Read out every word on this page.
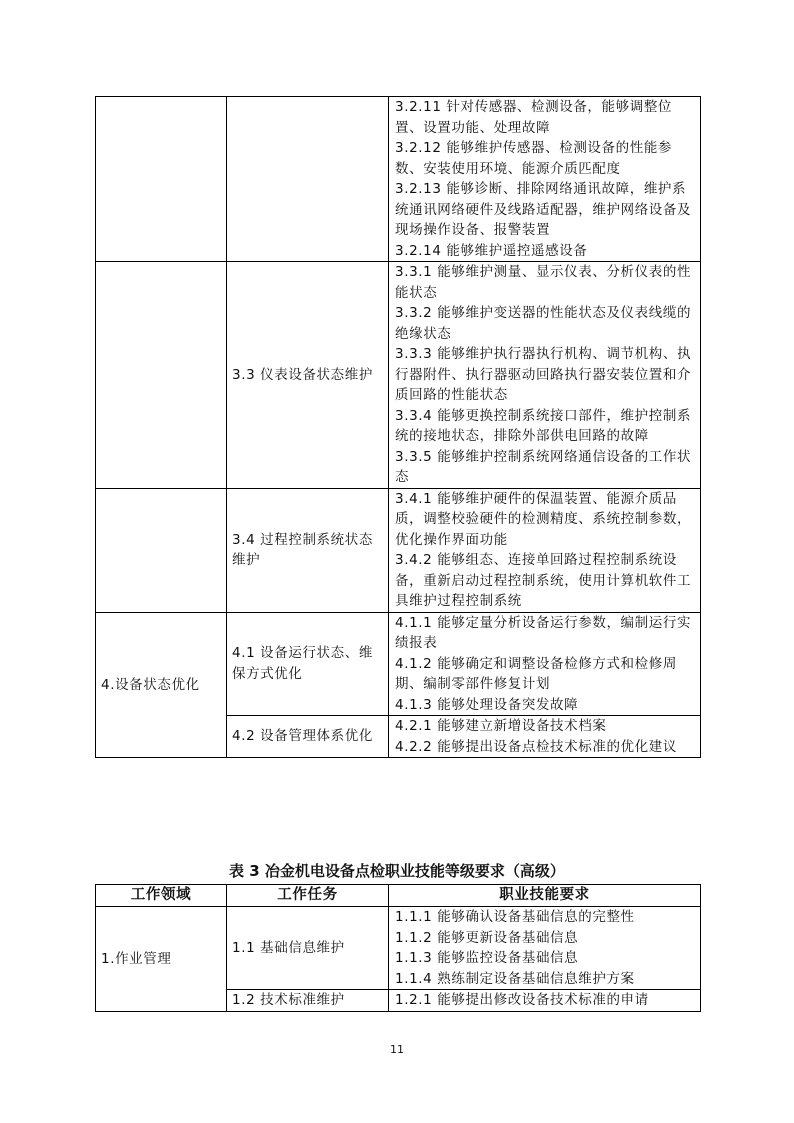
		3.2.11 针对传感器、检测设备，能够调整位置、设置功能、处理故障
3.2.12 能够维护传感器、检测设备的性能参数、安装使用环境、能源介质匹配度
3.2.13 能够诊断、排除网络通讯故障，维护系统通讯网络硬件及线路适配器，维护网络设备及现场操作设备、报警装置
3.2.14 能够维护遥控遥感设备

	3.3 仪表设备状态维护	3.3.1 能够维护测量、显示仪表、分析仪表的性能状态
3.3.2 能够维护变送器的性能状态及仪表线缆的绝缘状态
3.3.3 能够维护执行器执行机构、调节机构、执行器附件、执行器驱动回路执行器安装位置和介质回路的性能状态
3.3.4 能够更换控制系统接口部件，维护控制系统的接地状态，排除外部供电回路的故障
3.3.5 能够维护控制系统网络通信设备的工作状态

	3.4 过程控制系统状态维护	3.4.1 能够维护硬件的保温装置、能源介质品质，调整校验硬件的检测精度、系统控制参数，优化操作界面功能
3.4.2 能够组态、连接单回路过程控制系统设备，重新启动过程控制系统，使用计算机软件工具维护过程控制系统

4.设备状态优化	4.1 设备运行状态、维保方式优化	4.1.1 能够定量分析设备运行参数，编制运行实绩报表
4.1.2 能够确定和调整设备检修方式和检修周期、编制零部件修复计划
4.1.3 能够处理设备突发故障

	4.2 设备管理体系优化	4.2.1 能够建立新增设备技术档案
4.2.2 能够提出设备点检技术标准的优化建议
表 3 冶金机电设备点检职业技能等级要求（高级）
工作领域	工作任务	职业技能要求
1.作业管理	1.1 基础信息维护	1.1.1 能够确认设备基础信息的完整性
1.1.2 能够更新设备基础信息
1.1.3 能够监控设备基础信息
1.1.4 熟练制定设备基础信息维护方案

	1.2 技术标准维护	1.2.1 能够提出修改设备技术标准的申请
11
